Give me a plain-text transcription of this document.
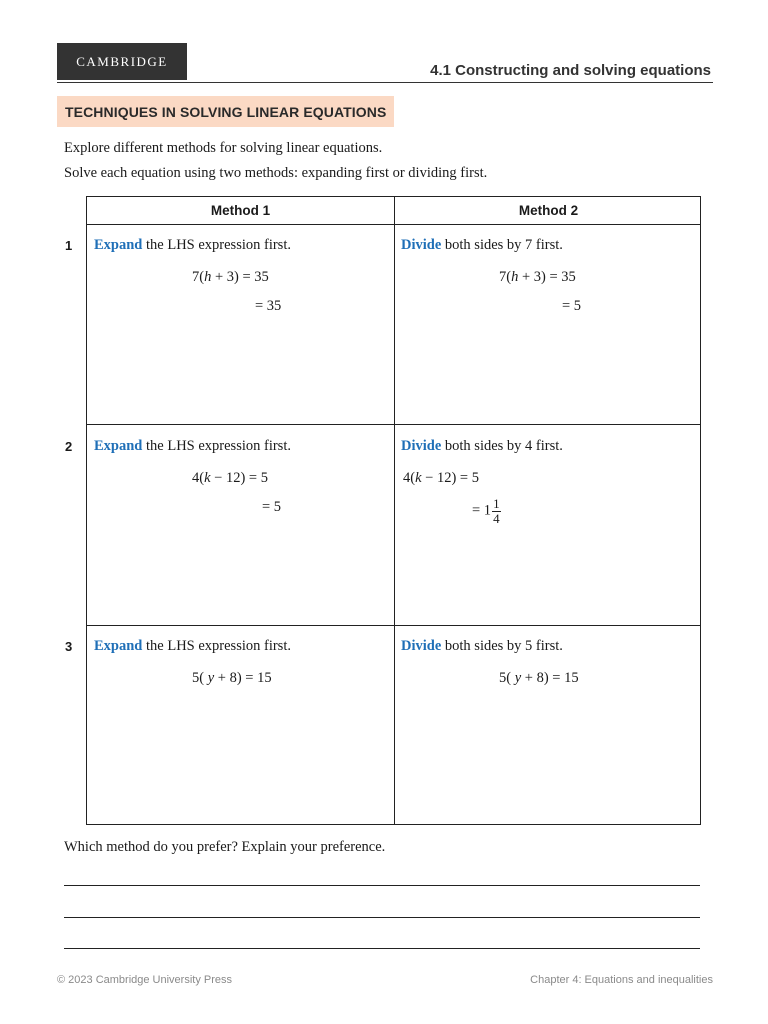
CAMBRIDGE
4.1 Constructing and solving equations
TECHNIQUES IN SOLVING LINEAR EQUATIONS
Explore different methods for solving linear equations.
Solve each equation using two methods: expanding first or dividing first.
1
2
3
Method 1	Method 2
Expand the LHS expression first.
7(h + 3) = 35
= 35
Divide both sides by 7 first.
7(h + 3) = 35
= 5
Expand the LHS expression first.
4(k − 12) = 5
= 5
Divide both sides by 4 first.
4(k − 12) = 5
= $1 \frac{1}{4}$
Expand the LHS expression first.
5( y + 8) = 15
Divide both sides by 5 first.
5( y + 8) = 15
Which method do you prefer? Explain your preference.
© 2023 Cambridge University Press	Chapter 4: Equations and inequalities
